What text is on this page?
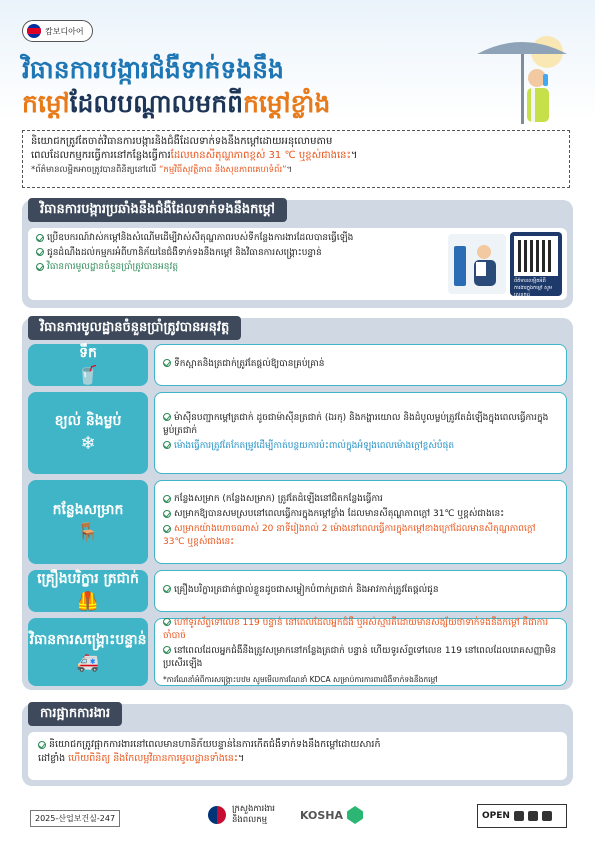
캄보디아어
វិធានការបង្ការជំងឺទាក់ទងនឹង
កម្ដៅដែលបណ្ដាលមកពីកម្ដៅខ្លាំង
និយោជកត្រូវតែចាត់វិធានការបង្ការនិងជំងឺដែលទាក់ទងនឹងកម្ដៅដោយអនុលោមតាម
ពេលដែលកម្មករធ្វើការនៅកន្លែងធ្វើការដែលមានសីតុណ្ហភាពខ្ពស់ 31 ℃ ឬខ្ពស់ជាងនេះ។
*ព័ត៌មានលម្អិតអាចត្រូវបានពិនិត្យនៅលើ “កម្មវិធីសុវត្ថិភាព និងសុខភាពគេហទំព័រ”។
វិធានការបង្ការប្រឆាំងនឹងជំងឺដែលទាក់ទងនឹងកម្ដៅ
ប្រើឧបករណ៍វាស់កម្ដៅនិងសំណើមដើម្បីវាស់សីតុណ្ហភាពរបស់ទីកន្លែងការងារដែលបានធ្វើឡើង
ជូនដំណឹងដល់កម្មករអំពីហានិភ័យនៃជំងឺទាក់ទងនឹងកម្ដៅ និងវិធានការសង្គ្រោះបន្ទាន់
វិធានការមូលដ្ឋានចំនួនប្រាំត្រូវបានអនុវត្ត
ព័ត៌មានលម្អិតអំពីការងារក្នុងកម្ដៅ សូមស្កេនកូដ
វិធានការមូលដ្ឋានចំនួនប្រាំត្រូវបានអនុវត្ត
ទឹក
🥤
ទឹកស្អាតនិងត្រជាក់ត្រូវតែផ្ដល់ឱ្យបានគ្រប់គ្រាន់
ខ្យល់ និងម្លប់
❄
ម៉ាស៊ីនបញ្ជាកម្ដៅត្រជាក់ ដូចជាម៉ាស៊ីនត្រជាក់ (ឯរកុ) និងកង្ហារយោល និងដំបូលម្លប់ត្រូវតែដំឡើងក្នុងពេលធ្វើការក្នុងម្លប់ត្រជាក់
ម៉ោងធ្វើការត្រូវតែកែតម្រូវដើម្បីកាត់បន្ថយការប៉ះពាល់ក្នុងអំឡុងពេលម៉ោងក្ដៅខ្ពស់បំផុត
កន្លែងសម្រាក
🪑
កន្លែងសម្រាក (កន្លែងសម្រាក) ត្រូវតែដំឡើងនៅជិតកន្លែងធ្វើការ
សម្រាកឱ្យបានសមស្របនៅពេលធ្វើការក្នុងកម្ដៅខ្លាំង ដែលមានសីតុណ្ហភាពក្ដៅ 31℃ ឬខ្ពស់ជាងនេះ
សម្រាកយ៉ាងហោចណាស់ 20 នាទីរៀងរាល់ 2 ម៉ោងនៅពេលធ្វើការក្នុងកម្ដៅខាងក្រៅដែលមានសីតុណ្ហភាពក្ដៅ 33℃ ឬខ្ពស់ជាងនេះ
គ្រឿងបរិក្ខារ ត្រជាក់
🦺
គ្រឿងបរិក្ខារត្រជាក់ផ្ទាល់ខ្លួនដូចជាសម្លៀកបំពាក់ត្រជាក់ និងអាវកាក់ត្រូវតែផ្ដល់ជូន
វិធានការសង្គ្រោះបន្ទាន់
🚑
ហៅទូរស័ព្ទទៅលេខ 119 បន្ទាន់ នៅពេលដែលអ្នកជំងឺ ឬអស់ស្មារតីដោយមានសង្ស័យថាទាក់ទងនឹងកម្ដៅ គឺជាការចាំបាច់
នៅពេលដែលអ្នកជំងឺនឹងត្រូវសម្រាកនៅកន្លែងត្រជាក់ បន្ទាន់ ហើយទូរស័ព្ទទៅលេខ 119 នៅពេលដែលរោគសញ្ញាមិនប្រសើរឡើង
*ការណែនាំអំពីការសង្គ្រោះបឋម សូមមើលការណែនាំ KDCA សម្រាប់ការការពារជំងឺទាក់ទងនឹងកម្ដៅ
ការផ្អាកការងារ
និយោជកត្រូវផ្អាកការងារនៅពេលមានហានិភ័យបន្ទាន់នៃការកើតជំងឺទាក់ទងនឹងកម្ដៅដោយសារកំ
ដៅខ្លាំង ហើយពិនិត្យ និងកែលម្អវិធានការមូលដ្ឋានទាំងនេះ។
2025-산업보건실-247
ក្រសួងការងារ
និងពលកម្ម	KOSHA	OPEN
